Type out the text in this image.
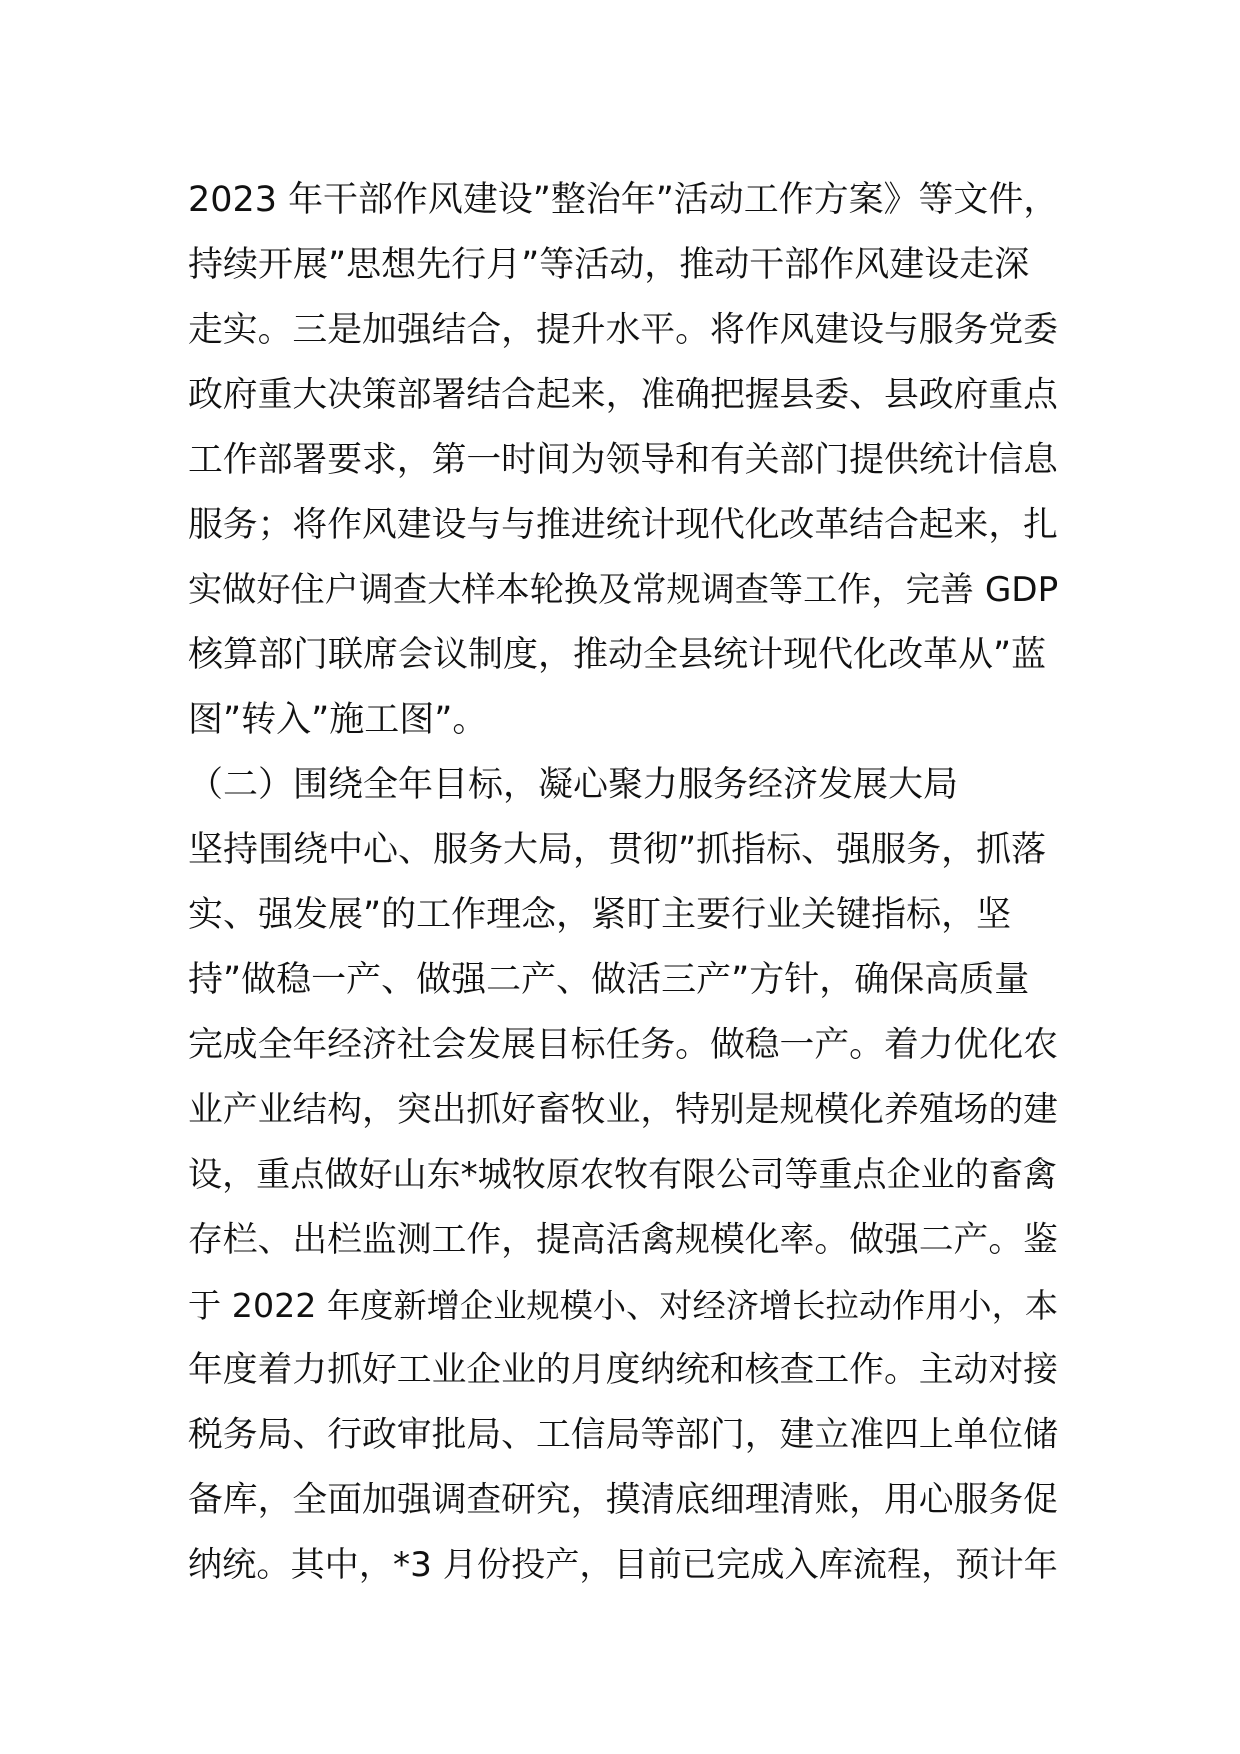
2023 年干部作风建设”整治年”活动工作方案》等文件，
持续开展”思想先行月”等活动，推动干部作风建设走深
走实。三是加强结合，提升水平。将作风建设与服务党委
政府重大决策部署结合起来，准确把握县委、县政府重点
工作部署要求，第一时间为领导和有关部门提供统计信息
服务；将作风建设与与推进统计现代化改革结合起来，扎
实做好住户调查大样本轮换及常规调查等工作，完善 GDP
核算部门联席会议制度，推动全县统计现代化改革从”蓝
图”转入”施工图”。
（二）围绕全年目标，凝心聚力服务经济发展大局
坚持围绕中心、服务大局，贯彻”抓指标、强服务，抓落
实、强发展”的工作理念，紧盯主要行业关键指标，坚
持”做稳一产、做强二产、做活三产”方针，确保高质量
完成全年经济社会发展目标任务。做稳一产。着力优化农
业产业结构，突出抓好畜牧业，特别是规模化养殖场的建
设，重点做好山东*城牧原农牧有限公司等重点企业的畜禽
存栏、出栏监测工作，提高活禽规模化率。做强二产。鉴
于 2022 年度新增企业规模小、对经济增长拉动作用小，本
年度着力抓好工业企业的月度纳统和核查工作。主动对接
税务局、行政审批局、工信局等部门，建立准四上单位储
备库，全面加强调查研究，摸清底细理清账，用心服务促
纳统。其中，*3 月份投产，目前已完成入库流程，预计年
